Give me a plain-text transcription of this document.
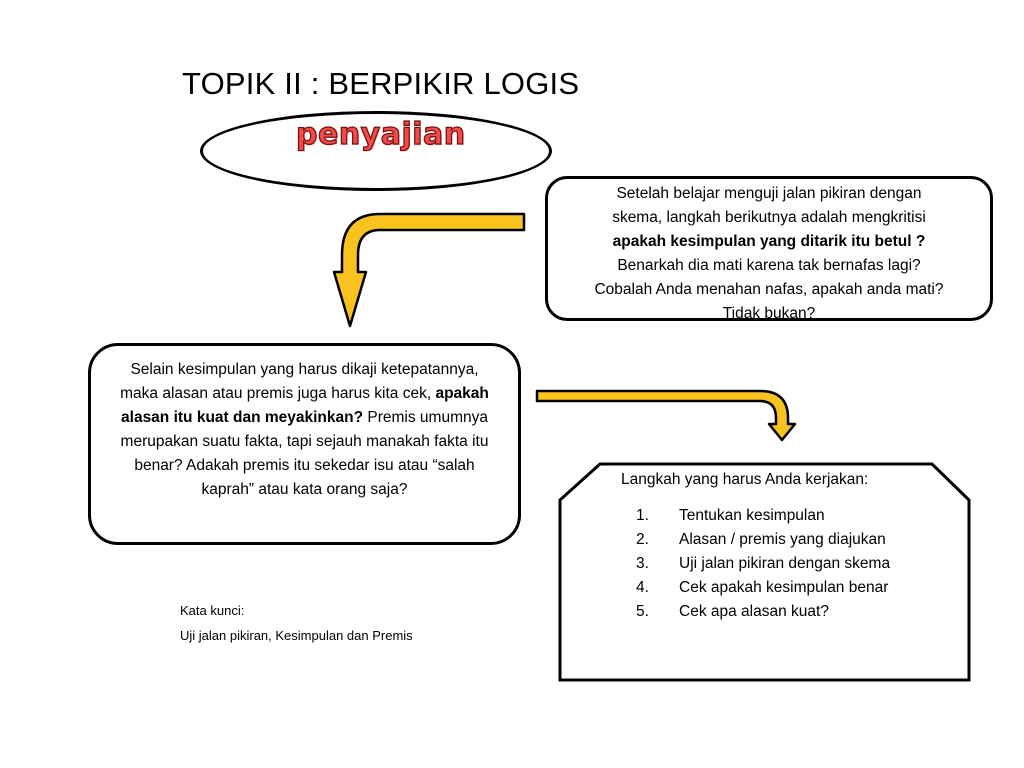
TOPIK II : BERPIKIR LOGIS
penyajian
Setelah belajar menguji jalan pikiran dengan
skema, langkah berikutnya adalah mengkritisi
apakah kesimpulan yang ditarik itu betul ?
Benarkah dia mati karena tak bernafas lagi?
Cobalah Anda menahan nafas, apakah anda mati?
Tidak bukan?
Selain kesimpulan yang harus dikaji ketepatannya, maka alasan atau premis juga harus kita cek, apakah alasan itu kuat dan meyakinkan? Premis umumnya merupakan suatu fakta, tapi sejauh manakah fakta itu benar? Adakah premis itu sekedar isu atau “salah kaprah” atau kata orang saja?
Langkah yang harus Anda kerjakan:
1.	Tentukan kesimpulan
2.	Alasan / premis yang diajukan
3.	Uji jalan pikiran dengan skema
4.	Cek apakah kesimpulan benar
5.	Cek apa alasan kuat?
Kata kunci:
Uji jalan pikiran, Kesimpulan dan Premis
